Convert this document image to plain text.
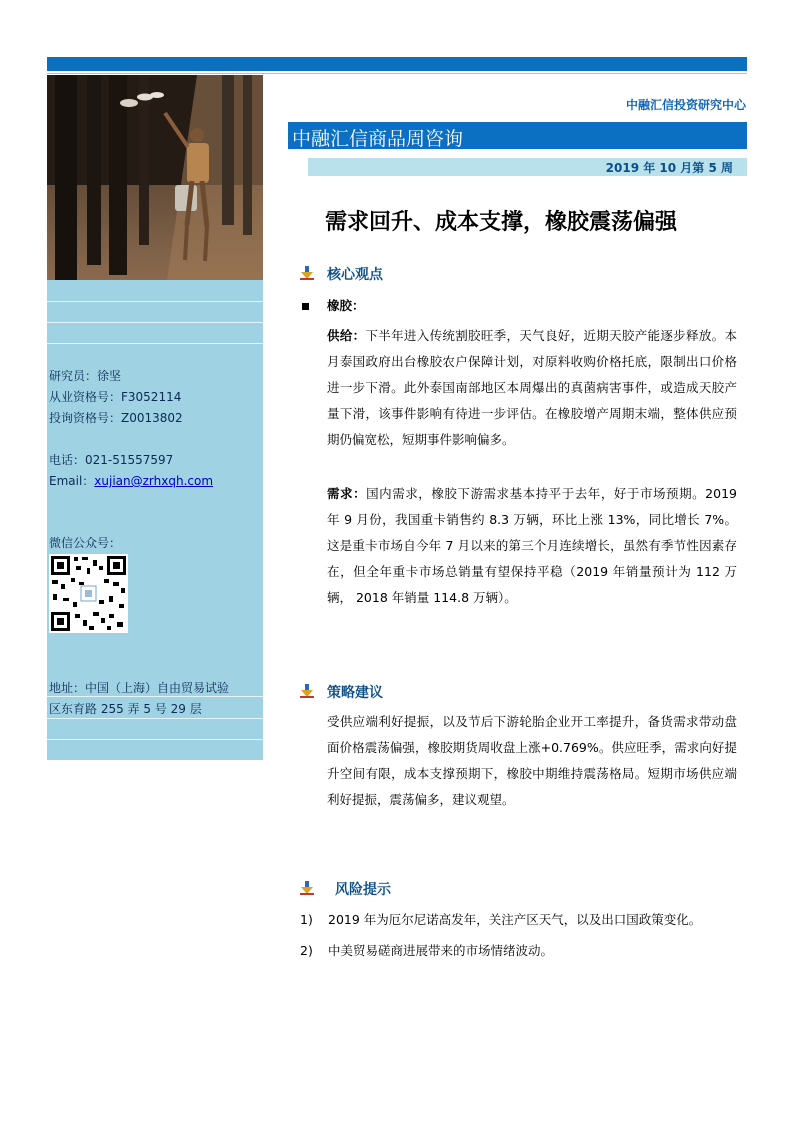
研究员：徐坚
从业资格号：F3052114
投询资格号：Z0013802
电话：021-51557597
Email：xujian@zrhxqh.com
微信公众号：
地址：中国（上海）自由贸易试验
区东育路 255 弄 5 号 29 层
中融汇信投资研究中心
中融汇信商品周咨询
2019 年 10 月第 5 周
需求回升、成本支撑，橡胶震荡偏强
核心观点
橡胶：
供给：下半年进入传统割胶旺季，天气良好，近期天胶产能逐步释放。本月泰国政府出台橡胶农户保障计划，对原料收购价格托底，限制出口价格进一步下滑。此外泰国南部地区本周爆出的真菌病害事件，或造成天胶产量下滑，该事件影响有待进一步评估。在橡胶增产周期末端，整体供应预期仍偏宽松，短期事件影响偏多。
需求：国内需求，橡胶下游需求基本持平于去年，好于市场预期。2019 年 9 月份，我国重卡销售约 8.3 万辆，环比上涨 13%，同比增长 7%。这是重卡市场自今年 7 月以来的第三个月连续增长，虽然有季节性因素存在，但全年重卡市场总销量有望保持平稳（2019 年销量预计为 112 万辆， 2018 年销量 114.8 万辆）。
策略建议
受供应端利好提振，以及节后下游轮胎企业开工率提升，备货需求带动盘面价格震荡偏强，橡胶期货周收盘上涨+0.769%。供应旺季，需求向好提升空间有限，成本支撑预期下，橡胶中期维持震荡格局。短期市场供应端利好提振，震荡偏多，建议观望。
风险提示
1) 2019 年为厄尔尼诺高发年，关注产区天气，以及出口国政策变化。
2) 中美贸易磋商进展带来的市场情绪波动。
